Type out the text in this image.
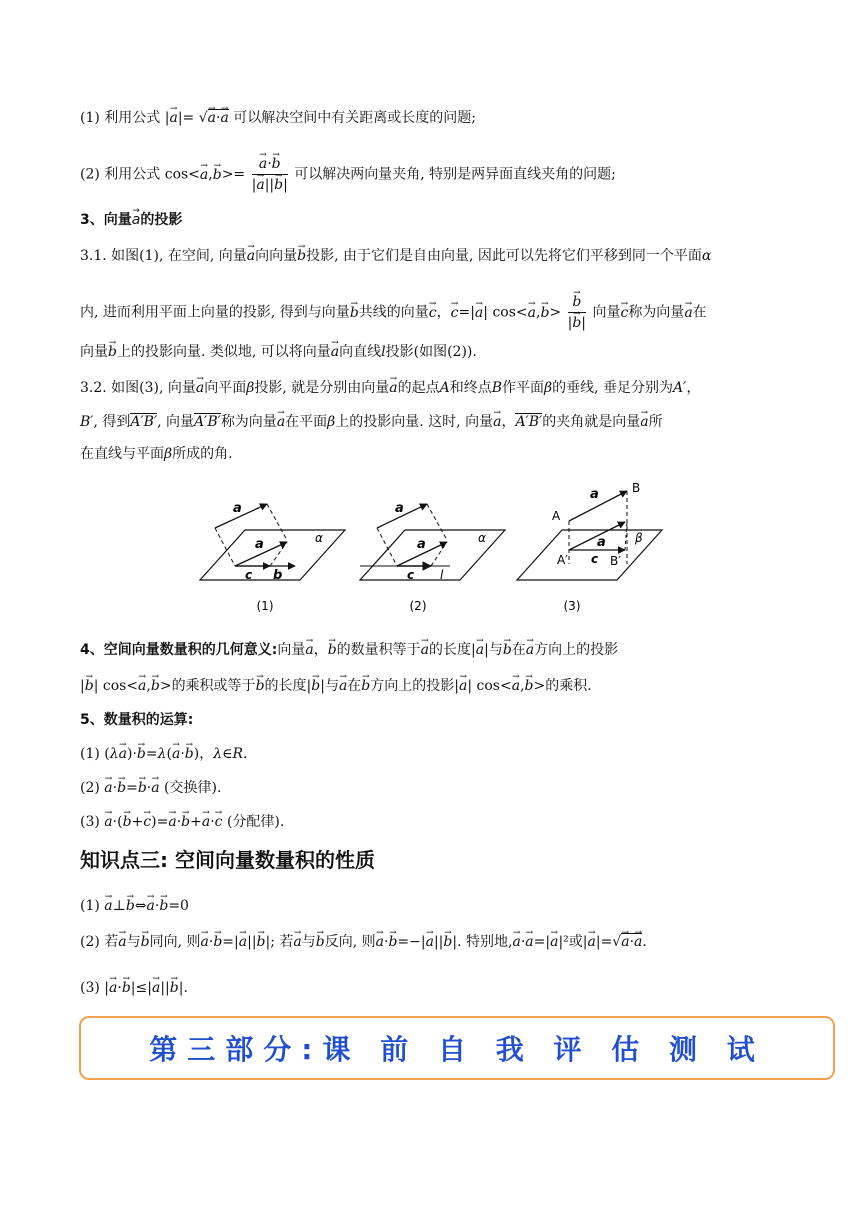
(1) 利用公式 |→ a|= √→ a·→ a 可以解决空间中有关距离或长度的问题;
(2) 利用公式 cos<→ a,→ b>=
→ $\frac{a\cdot\to b}{|\to a||\to b|}$ 可以解决两向量夹角, 特别是两异面直线夹角的问题;
3、向量→ a的投影
3.1. 如图(1), 在空间, 向量→ a向向量→ b投影, 由于它们是自由向量, 因此可以先将它们平移到同一个平面α
内, 进而利用平面上向量的投影, 得到与向量→ b共线的向量→ c，→ c=|→ a| cos<→ a,→ b>
→ $\frac{b}{|\to b|}$ 向量→ c称为向量→ a在
向量→ b上的投影向量. 类似地, 可以将向量→ a向直线l投影(如图(2)).
3.2. 如图(3), 向量→ a向平面β投影, 就是分别由向量→ a的起点A和终点B作平面β的垂线, 垂足分别为A′，
B′, 得到A′B′, 向量A′B′称为向量→ a在平面β上的投影向量. 这时, 向量→ a，A′B′的夹角就是向量→ a所
在直线与平面β所成的角.
a
a
c b
α
a
a
c l
α
A
B
a
a
A′ c B′
β
(1)	(2)	(3)
4、空间向量数量积的几何意义:向量→ a，→ b的数量积等于→ a的长度|→ a|与→ b在→ a方向上的投影
|→ b| cos<→ a,→ b>的乘积或等于→ b的长度|→ b|与→ a在→ b方向上的投影|→ a| cos<→ a,→ b>的乘积.
5、数量积的运算:
(1) (λ→ a)·→ b=λ(→ a·→ b)，λ∈R.
(2) → a·→ b=→ b·→ a (交换律).
(3) → a·(→ b+→ c)=→ a·→ b+→ a·→ c (分配律).
知识点三: 空间向量数量积的性质
(1) → a⊥→ b⇔→ a·→ b=0
(2) 若→ a与→ b同向, 则→ a·→ b=|→ a||→ b|; 若→ a与→ b反向, 则→ a·→ b=−|→ a||→ b|. 特别地,→ a·→ a=|→ a|²或|→ a|=√→ a·→ a.
(3) |→ a·→ b|≤|→ a||→ b|.
第三部分:课 前 自 我 评 估 测 试
